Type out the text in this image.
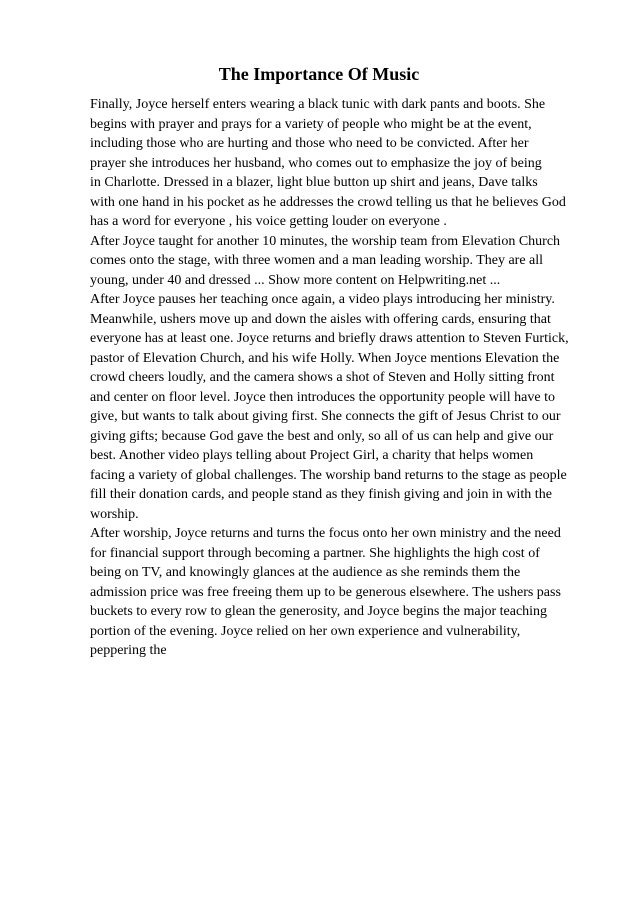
The Importance Of Music
Finally, Joyce herself enters wearing a black tunic with dark pants and boots. She
begins with prayer and prays for a variety of people who might be at the event,
including those who are hurting and those who need to be convicted. After her
prayer she introduces her husband, who comes out to emphasize the joy of being
in Charlotte. Dressed in a blazer, light blue button up shirt and jeans, Dave talks
with one hand in his pocket as he addresses the crowd telling us that he believes God
has a word for everyone , his voice getting louder on everyone .
After Joyce taught for another 10 minutes, the worship team from Elevation Church
comes onto the stage, with three women and a man leading worship. They are all
young, under 40 and dressed ... Show more content on Helpwriting.net ...
After Joyce pauses her teaching once again, a video plays introducing her ministry.
Meanwhile, ushers move up and down the aisles with offering cards, ensuring that
everyone has at least one. Joyce returns and briefly draws attention to Steven Furtick,
pastor of Elevation Church, and his wife Holly. When Joyce mentions Elevation the
crowd cheers loudly, and the camera shows a shot of Steven and Holly sitting front
and center on floor level. Joyce then introduces the opportunity people will have to
give, but wants to talk about giving first. She connects the gift of Jesus Christ to our
giving gifts; because God gave the best and only, so all of us can help and give our
best. Another video plays telling about Project Girl, a charity that helps women
facing a variety of global challenges. The worship band returns to the stage as people
fill their donation cards, and people stand as they finish giving and join in with the
worship.
After worship, Joyce returns and turns the focus onto her own ministry and the need
for financial support through becoming a partner. She highlights the high cost of
being on TV, and knowingly glances at the audience as she reminds them the
admission price was free freeing them up to be generous elsewhere. The ushers pass
buckets to every row to glean the generosity, and Joyce begins the major teaching
portion of the evening. Joyce relied on her own experience and vulnerability,
peppering the
